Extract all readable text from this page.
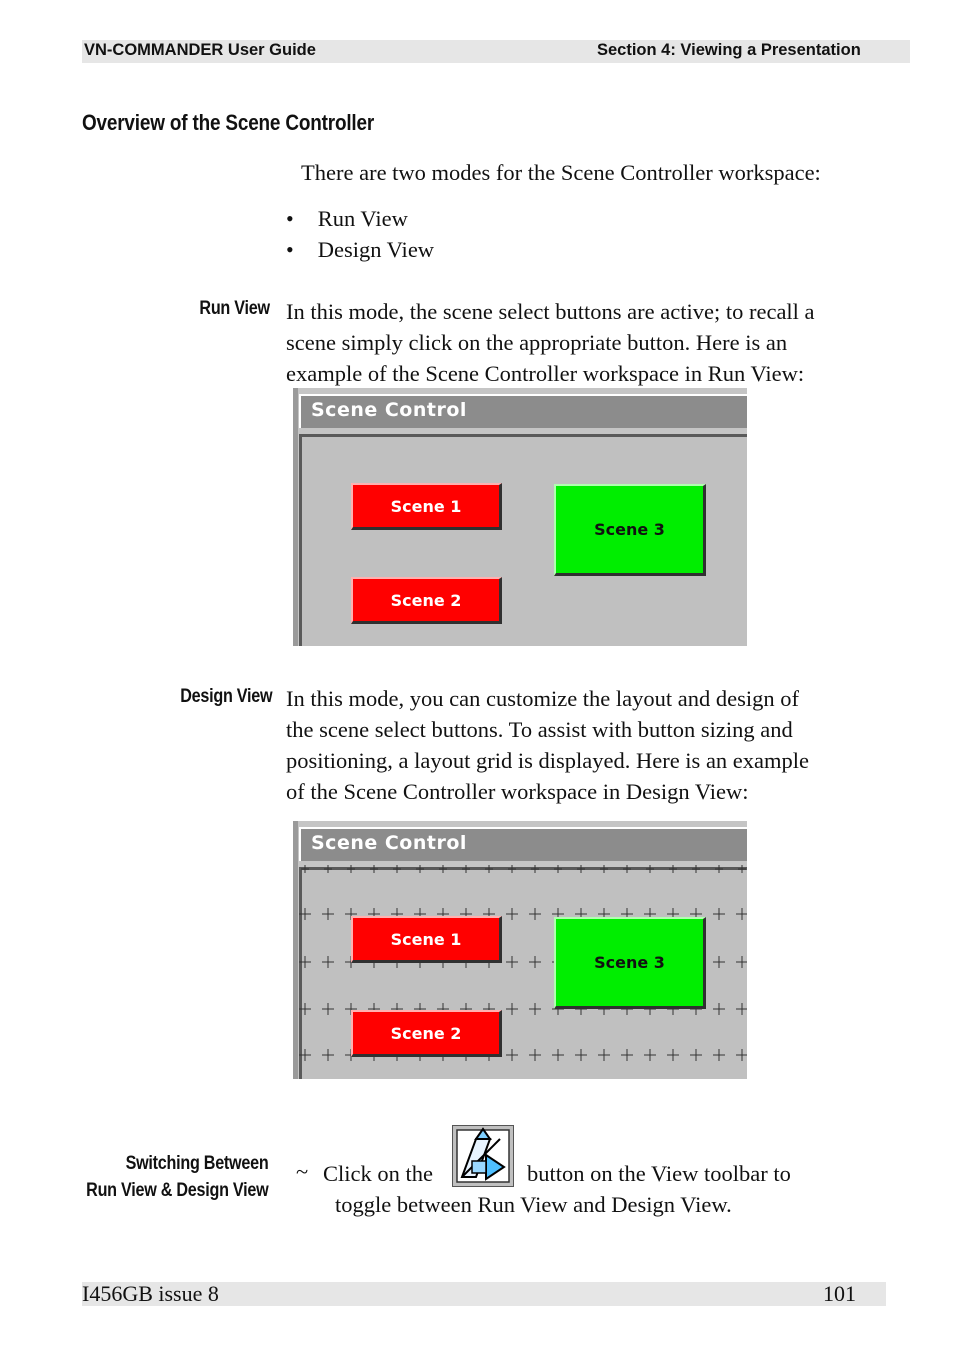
VN-COMMANDER User Guide	Section 4: Viewing a Presentation
Overview of the Scene Controller
There are two modes for the Scene Controller workspace:
• Run View
• Design View
Run View In this mode, the scene select buttons are active; to recall a
scene simply click on the appropriate button. Here is an
example of the Scene Controller workspace in Run View:
Scene Control
Scene 1
Scene 2
Scene 3
Design View In this mode, you can customize the layout and design of
the scene select buttons. To assist with button sizing and
positioning, a layout grid is displayed. Here is an example
of the Scene Controller workspace in Design View:
Scene Control
Scene 1
Scene 2
Scene 3
Switching Between
Run View & Design View
~ Click on the	button on the View toolbar to
toggle between Run View and Design View.
I456GB issue 8	101
